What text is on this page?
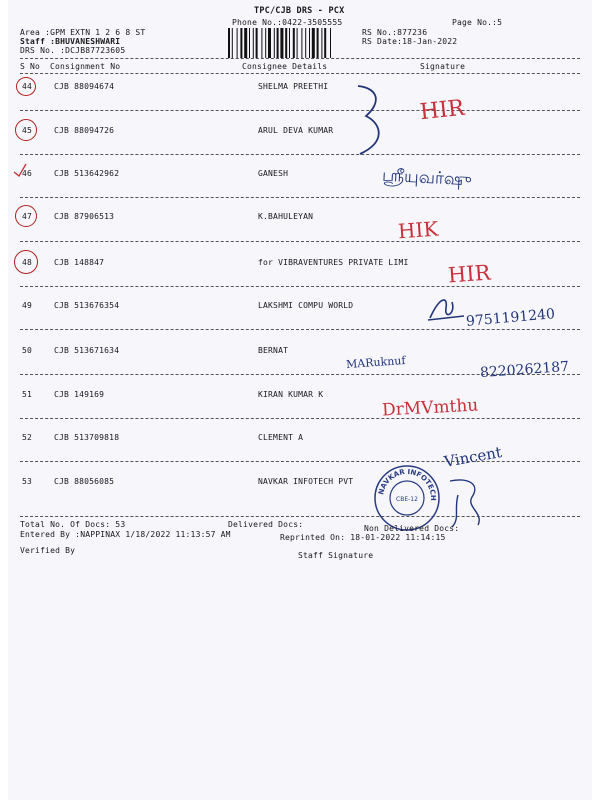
TPC/CJB DRS - PCX
Phone No.:0422-3505555	Page No.:5
Area :GPM EXTN 1 2 6 8 ST
Staff :BHUVANESHWARI
DRS No. :DCJB87723605
RS No.:877236
RS Date:18-Jan-2022
S No Consignment No	Consignee Details	Signature
44	CJB 88094674	SHELMA PREETHI
45	CJB 88094726	ARUL DEVA KUMAR
46	CJB 513642962	GANESH
47	CJB 87906513	K.BAHULEYAN
48	CJB 148847	for VIBRAVENTURES PRIVATE LIMI
49	CJB 513676354	LAKSHMI COMPU WORLD
50	CJB 513671634	BERNAT
51	CJB 149169	KIRAN KUMAR K
52	CJB 513709818	CLEMENT A
53	CJB 88056085	NAVKAR INFOTECH PVT
HIR
ஸ்ரீயுவர்ஷு
HIK
HIR
9751191240
MARuknuf	8220262187
DrMVmthu
Vincent
NAVKAR INFOTECH
CBE-12
Total No. Of Docs: 53	Delivered Docs:	Non Delivered Docs:
Entered By :NAPPINAX 1/18/2022 11:13:57 AM	Reprinted On: 18-01-2022 11:14:15
Verified By
Staff Signature
